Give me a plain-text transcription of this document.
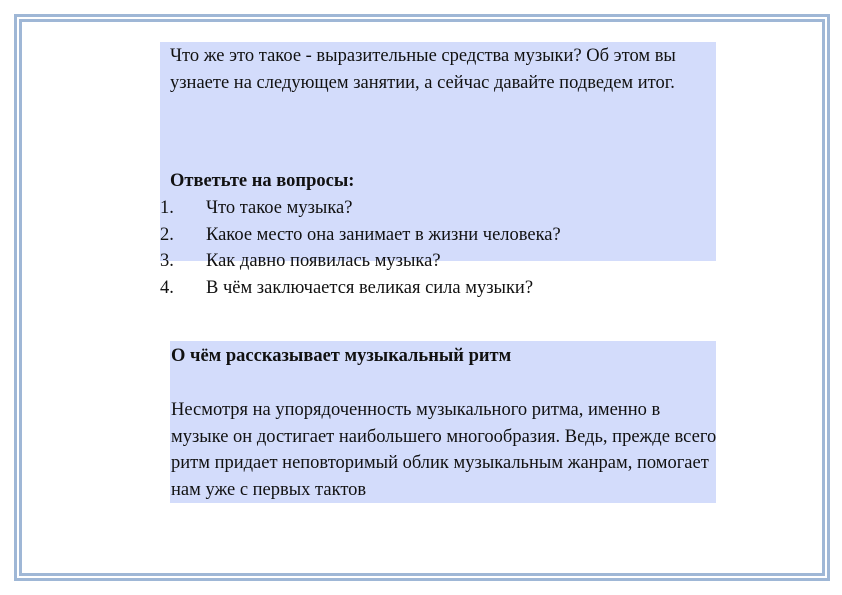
Что же это такое - выразительные средства музыки? Об этом вы узнаете на следующем занятии, а сейчас давайте подведем итог.

Ответьте на вопросы:

1. Что такое музыка?
2. Какое место она занимает в жизни человека?
3. Как давно появилась музыка?
4. В чём заключается великая сила музыки?

О чём рассказывает музыкальный ритм

Несмотря на упорядоченность музыкального ритма, именно в музыке он достигает наибольшего многообразия. Ведь, прежде всего ритм придает неповторимый облик музыкальным жанрам, помогает нам уже с первых тактов
